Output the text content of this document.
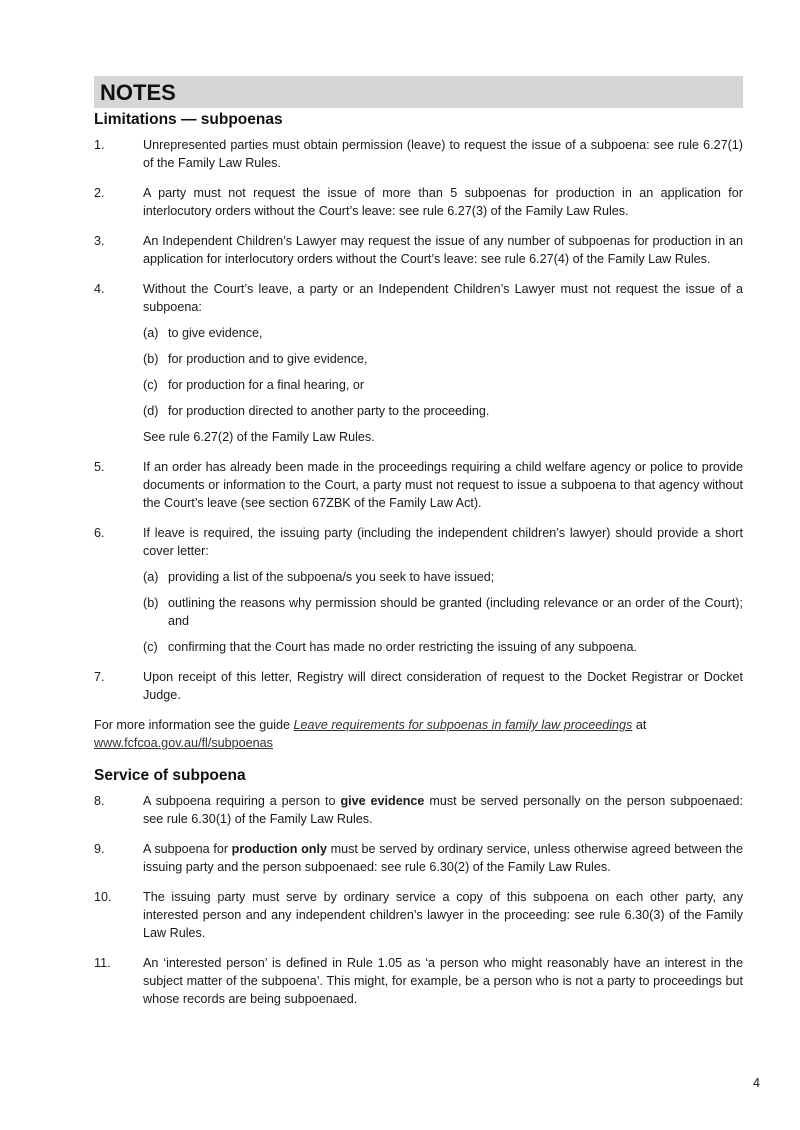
NOTES
Limitations — subpoenas
1.	Unrepresented parties must obtain permission (leave) to request the issue of a subpoena: see rule 6.27(1) of the Family Law Rules.
2.	A party must not request the issue of more than 5 subpoenas for production in an application for interlocutory orders without the Court’s leave: see rule 6.27(3) of the Family Law Rules.
3.	An Independent Children’s Lawyer may request the issue of any number of subpoenas for production in an application for interlocutory orders without the Court’s leave: see rule 6.27(4) of the Family Law Rules.
4.	Without the Court’s leave, a party or an Independent Children’s Lawyer must not request the issue of a subpoena:
(a) to give evidence,
(b) for production and to give evidence,
(c) for production for a final hearing, or
(d) for production directed to another party to the proceeding.
See rule 6.27(2) of the Family Law Rules.
5.	If an order has already been made in the proceedings requiring a child welfare agency or police to provide documents or information to the Court, a party must not request to issue a subpoena to that agency without the Court’s leave (see section 67ZBK of the Family Law Act).
6.	If leave is required, the issuing party (including the independent children’s lawyer) should provide a short cover letter:
(a) providing a list of the subpoena/s you seek to have issued;
(b) outlining the reasons why permission should be granted (including relevance or an order of the Court); and
(c) confirming that the Court has made no order restricting the issuing of any subpoena.
7.	Upon receipt of this letter, Registry will direct consideration of request to the Docket Registrar or Docket Judge.

For more information see the guide Leave requirements for subpoenas in family law proceedings at
www.fcfcoa.gov.au/fl/subpoenas

Service of subpoena
8.	A subpoena requiring a person to give evidence must be served personally on the person subpoenaed: see rule 6.30(1) of the Family Law Rules.
9.	A subpoena for production only must be served by ordinary service, unless otherwise agreed between the issuing party and the person subpoenaed: see rule 6.30(2) of the Family Law Rules.
10.	The issuing party must serve by ordinary service a copy of this subpoena on each other party, any interested person and any independent children’s lawyer in the proceeding: see rule 6.30(3) of the Family Law Rules.
11.	An ‘interested person’ is defined in Rule 1.05 as ‘a person who might reasonably have an interest in the subject matter of the subpoena’. This might, for example, be a person who is not a party to proceedings but whose records are being subpoenaed.
4
